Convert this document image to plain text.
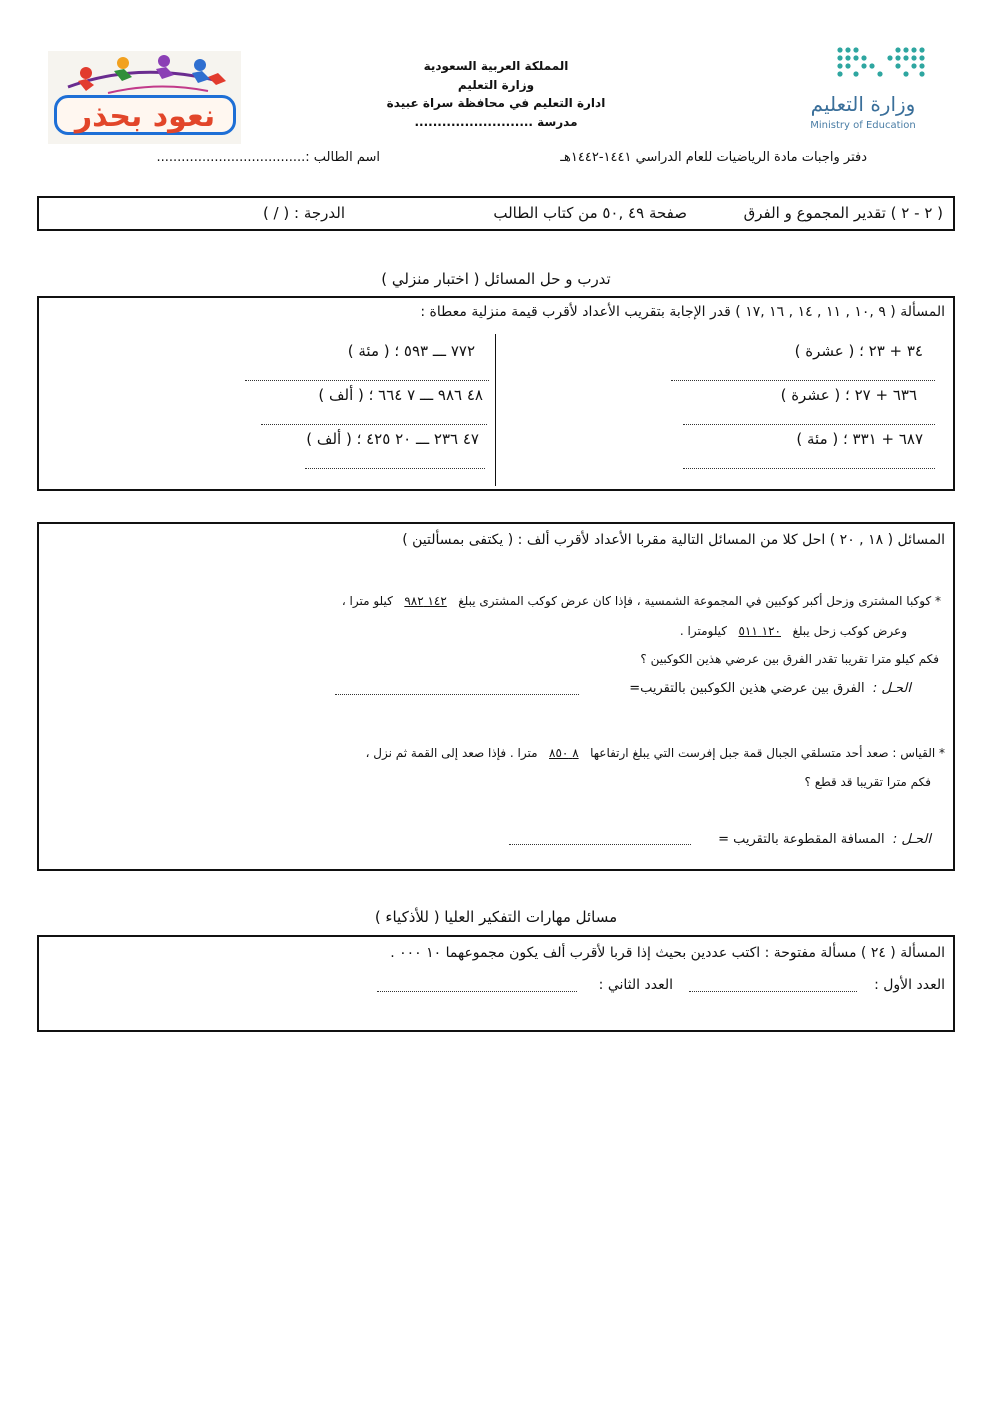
نعود بحذر
المملكة العربية السعودية
وزارة التعليم
ادارة التعليم في محافظة سراة عبيدة
مدرسة ..........................
وزارة التعليم
Ministry of Education
دفتر واجبات مادة الرياضيات للعام الدراسي ١٤٤١-١٤٤٢هـ
اسم الطالب :....................................
( ٢ - ٢ ) تقدير المجموع و الفرق
صفحة ٤٩ ,٥٠ من كتاب الطالب
الدرجة : ( / )
تدرب و حل المسائل ( اختبار منزلي )
المسألة ( ٩ ,١٠ , ١١ , ١٤ , ١٦ ,١٧ ) قدر الإجابة بتقريب الأعداد لأقرب قيمة منزلية معطاة :
٣٤ + ٢٣ ؛ ( عشرة )
٦٣٦ + ٢٧ ؛ ( عشرة )
٦٨٧ + ٣٣١ ؛ ( مئة )
٧٧٢ ـــ ٥٩٣ ؛ ( مئة )
٤٨ ٩٨٦ ـــ ٧ ٦٦٤ ؛ ( ألف )
٤٧ ٢٣٦ ـــ ٢٠ ٤٢٥ ؛ ( ألف )
المسائل ( ١٨ , ٢٠ ) احل كلا من المسائل التالية مقربا الأعداد لأقرب ألف : ( يكتفى بمسألتين )
* كوكبا المشترى وزحل أكبر كوكبين في المجموعة الشمسية ، فإذا كان عرض كوكب المشترى يبلغ   ١٤٢ ٩٨٢   كيلو مترا ،
وعرض كوكب زحل يبلغ   ١٢٠ ٥١١   كيلومترا .
فكم كيلو مترا تقريبا تقدر الفرق بين عرضي هذين الكوكبين ؟
الحـل :  الفرق بين عرضي هذين الكوكبين بالتقريب=
* القياس : صعد أحد متسلقي الجبال قمة جبل إفرست التي يبلغ ارتفاعها   ٨ ٨٥٠   مترا . فإذا صعد إلى القمة ثم نزل ،
فكم مترا تقريبا قد قطع ؟
الحـل :  المسافة المقطوعة بالتقريب =
مسائل مهارات التفكير العليا ( للأذكياء )
المسألة ( ٢٤ ) مسألة مفتوحة : اكتب عددين بحيث إذا قربا لأقرب ألف يكون مجموعهما ١٠ ٠٠٠ .
العدد الأول :
العدد الثاني :
